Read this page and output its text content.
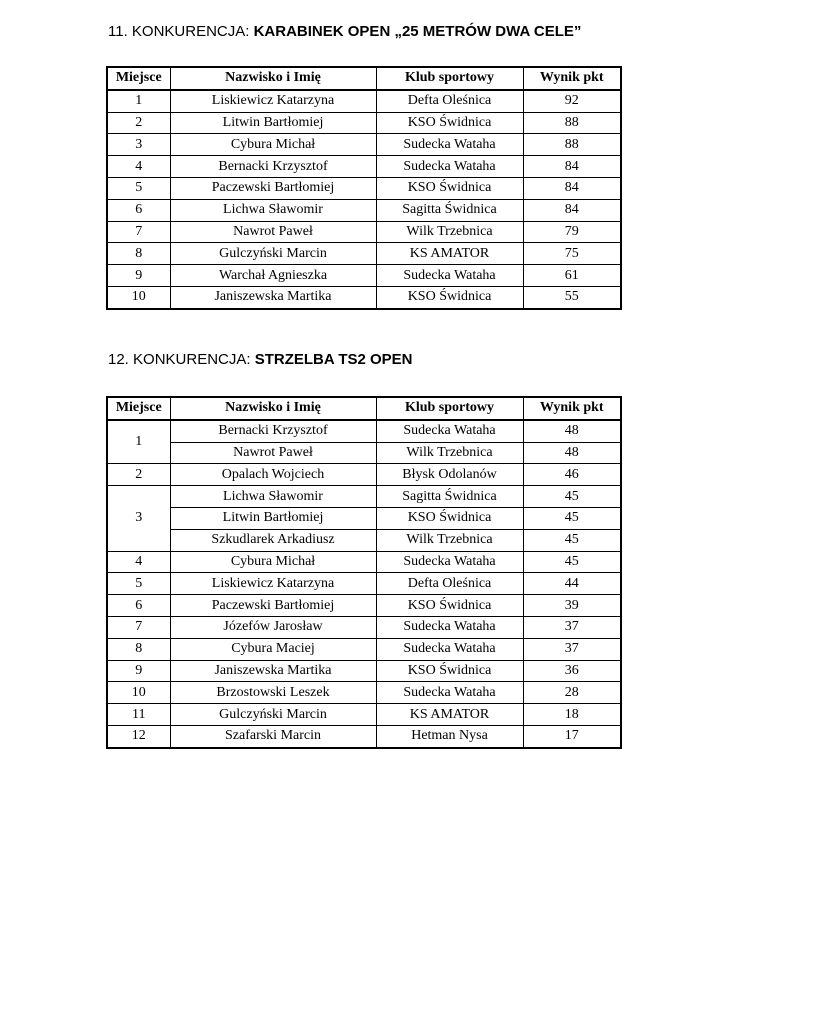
11. KONKURENCJA: KARABINEK OPEN „25 METRÓW DWA CELE”
Miejsce	Nazwisko i Imię	Klub sportowy	Wynik pkt
1	Liskiewicz Katarzyna	Defta Oleśnica	92
2	Litwin Bartłomiej	KSO Świdnica	88
3	Cybura Michał	Sudecka Wataha	88
4	Bernacki Krzysztof	Sudecka Wataha	84
5	Paczewski Bartłomiej	KSO Świdnica	84
6	Lichwa Sławomir	Sagitta Świdnica	84
7	Nawrot Paweł	Wilk Trzebnica	79
8	Gulczyński Marcin	KS AMATOR	75
9	Warchał Agnieszka	Sudecka Wataha	61
10	Janiszewska Martika	KSO Świdnica	55
12. KONKURENCJA: STRZELBA TS2 OPEN
Miejsce	Nazwisko i Imię	Klub sportowy	Wynik pkt
1	Bernacki Krzysztof	Sudecka Wataha	48
	Nawrot Paweł	Wilk Trzebnica	48
2	Opalach Wojciech	Błysk Odolanów	46
3	Lichwa Sławomir	Sagitta Świdnica	45
	Litwin Bartłomiej	KSO Świdnica	45
	Szkudlarek Arkadiusz	Wilk Trzebnica	45
4	Cybura Michał	Sudecka Wataha	45
5	Liskiewicz Katarzyna	Defta Oleśnica	44
6	Paczewski Bartłomiej	KSO Świdnica	39
7	Józefów Jarosław	Sudecka Wataha	37
8	Cybura Maciej	Sudecka Wataha	37
9	Janiszewska Martika	KSO Świdnica	36
10	Brzostowski Leszek	Sudecka Wataha	28
11	Gulczyński Marcin	KS AMATOR	18
12	Szafarski Marcin	Hetman Nysa	17
